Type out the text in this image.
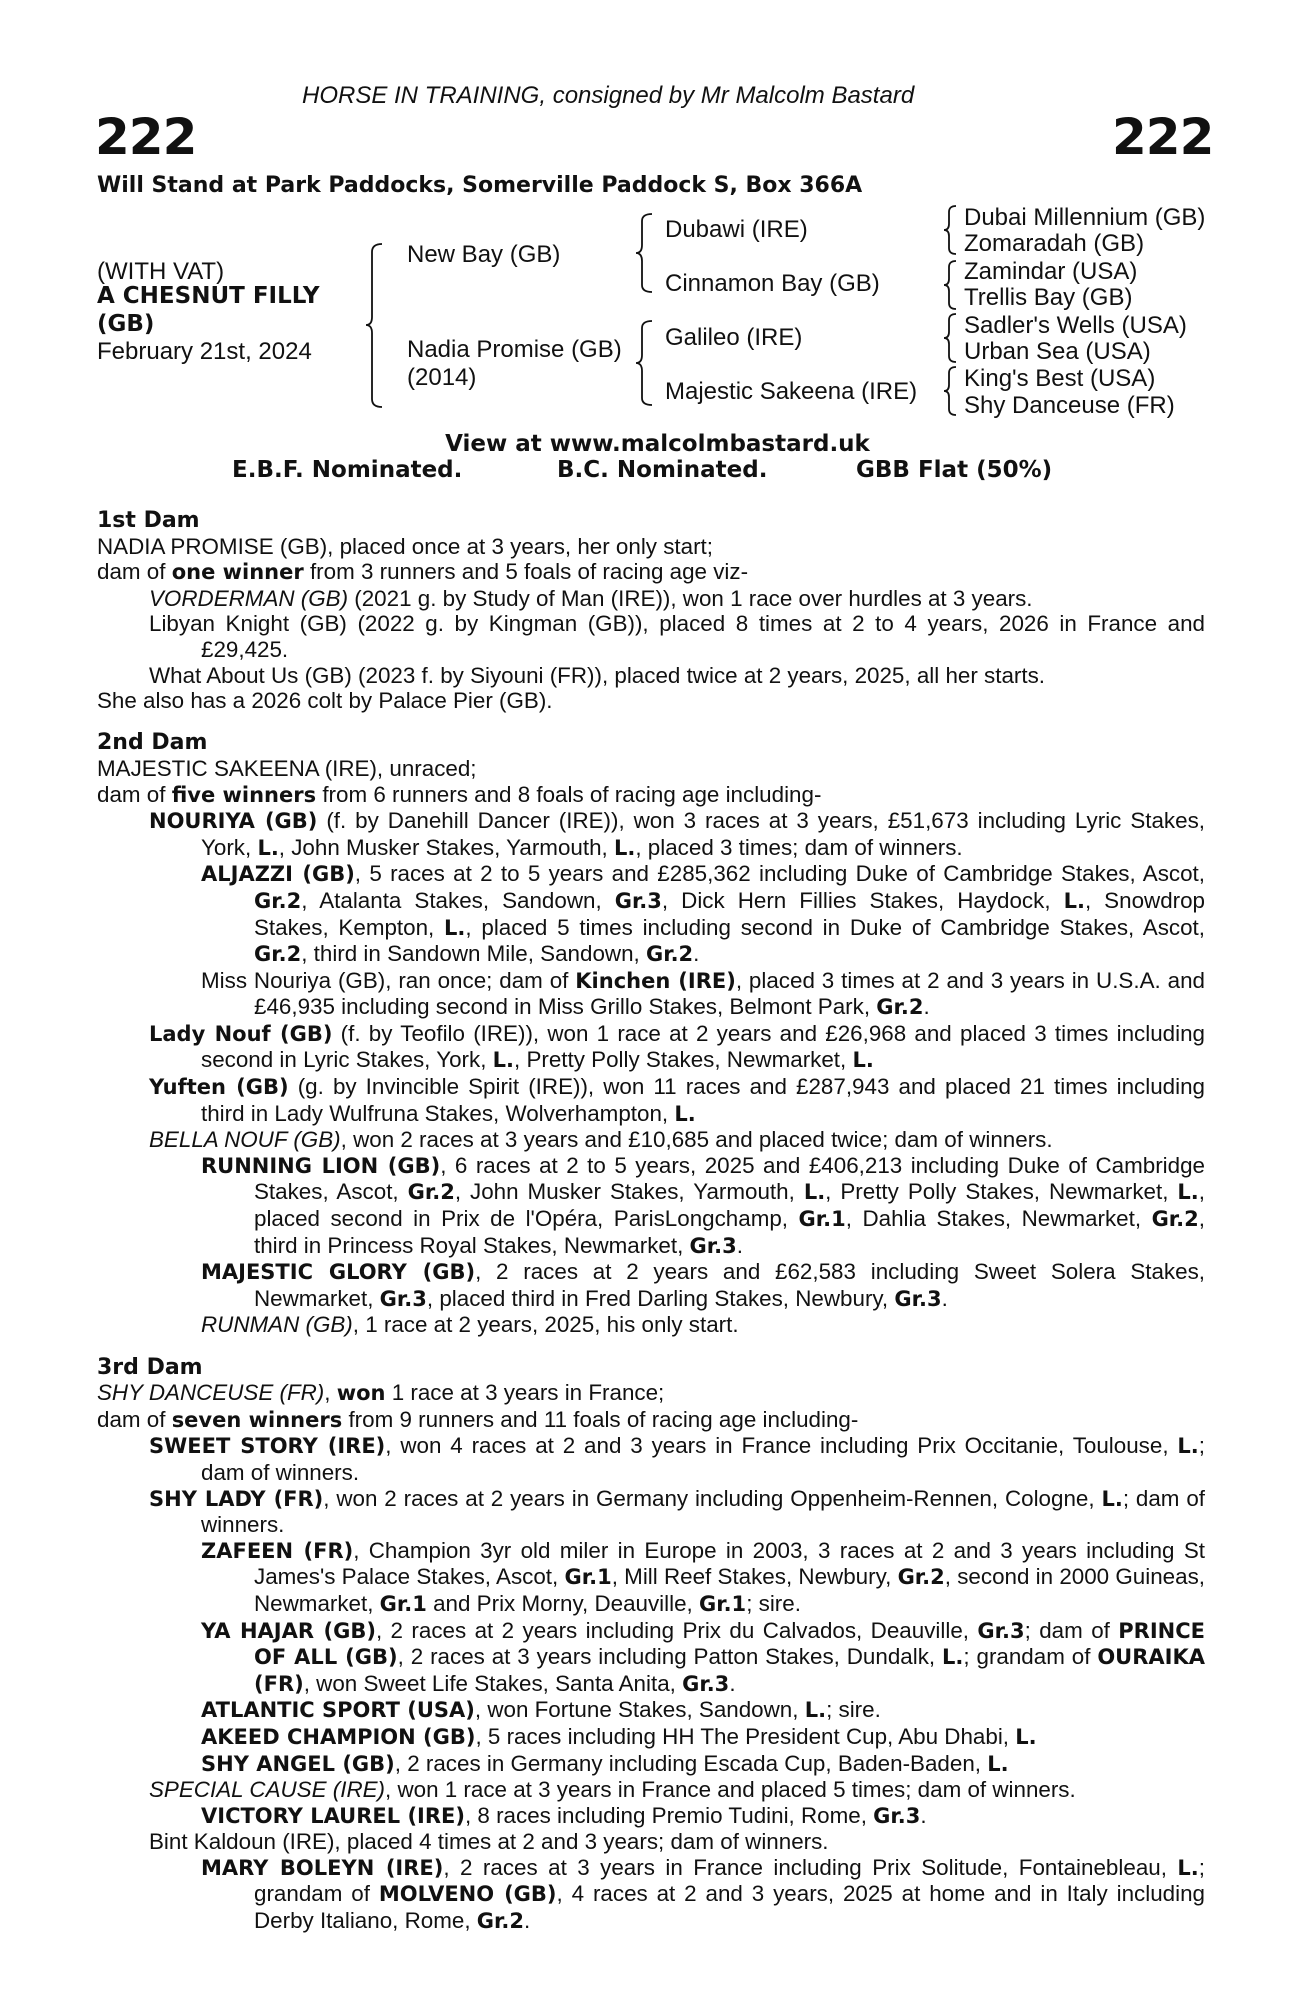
HORSE IN TRAINING, consigned by Mr Malcolm Bastard
222	222
Will Stand at Park Paddocks, Somerville Paddock S, Box 366A
(WITH VAT)
A CHESNUT FILLY
(GB)
February 21st, 2024
New Bay (GB)
Nadia Promise (GB)
(2014)
Dubawi (IRE)
Cinnamon Bay (GB)
Galileo (IRE)
Majestic Sakeena (IRE)
Dubai Millennium (GB)
Zomaradah (GB)
Zamindar (USA)
Trellis Bay (GB)
Sadler's Wells (USA)
Urban Sea (USA)
King's Best (USA)
Shy Danceuse (FR)
View at www.malcolmbastard.uk
E.B.F. Nominated.	B.C. Nominated.	GBB Flat (50%)
1st Dam
NADIA PROMISE (GB), placed once at 3 years, her only start;
dam of one winner from 3 runners and 5 foals of racing age viz-
VORDERMAN (GB) (2021 g. by Study of Man (IRE)), won 1 race over hurdles at 3 years.
Libyan Knight (GB) (2022 g. by Kingman (GB)), placed 8 times at 2 to 4 years, 2026 in France and £29,425.
What About Us (GB) (2023 f. by Siyouni (FR)), placed twice at 2 years, 2025, all her starts.
She also has a 2026 colt by Palace Pier (GB).
2nd Dam
MAJESTIC SAKEENA (IRE), unraced;
dam of five winners from 6 runners and 8 foals of racing age including-
NOURIYA (GB) (f. by Danehill Dancer (IRE)), won 3 races at 3 years, £51,673 including Lyric Stakes, York, L., John Musker Stakes, Yarmouth, L., placed 3 times; dam of winners.
ALJAZZI (GB), 5 races at 2 to 5 years and £285,362 including Duke of Cambridge Stakes, Ascot, Gr.2, Atalanta Stakes, Sandown, Gr.3, Dick Hern Fillies Stakes, Haydock, L., Snowdrop Stakes, Kempton, L., placed 5 times including second in Duke of Cambridge Stakes, Ascot, Gr.2, third in Sandown Mile, Sandown, Gr.2.
Miss Nouriya (GB), ran once; dam of Kinchen (IRE), placed 3 times at 2 and 3 years in U.S.A. and £46,935 including second in Miss Grillo Stakes, Belmont Park, Gr.2.
Lady Nouf (GB) (f. by Teofilo (IRE)), won 1 race at 2 years and £26,968 and placed 3 times including second in Lyric Stakes, York, L., Pretty Polly Stakes, Newmarket, L.
Yuften (GB) (g. by Invincible Spirit (IRE)), won 11 races and £287,943 and placed 21 times including third in Lady Wulfruna Stakes, Wolverhampton, L.
BELLA NOUF (GB), won 2 races at 3 years and £10,685 and placed twice; dam of winners.
RUNNING LION (GB), 6 races at 2 to 5 years, 2025 and £406,213 including Duke of Cambridge Stakes, Ascot, Gr.2, John Musker Stakes, Yarmouth, L., Pretty Polly Stakes, Newmarket, L., placed second in Prix de l'Opéra, ParisLongchamp, Gr.1, Dahlia Stakes, Newmarket, Gr.2, third in Princess Royal Stakes, Newmarket, Gr.3.
MAJESTIC GLORY (GB), 2 races at 2 years and £62,583 including Sweet Solera Stakes, Newmarket, Gr.3, placed third in Fred Darling Stakes, Newbury, Gr.3.
RUNMAN (GB), 1 race at 2 years, 2025, his only start.
3rd Dam
SHY DANCEUSE (FR), won 1 race at 3 years in France;
dam of seven winners from 9 runners and 11 foals of racing age including-
SWEET STORY (IRE), won 4 races at 2 and 3 years in France including Prix Occitanie, Toulouse, L.; dam of winners.
SHY LADY (FR), won 2 races at 2 years in Germany including Oppenheim-Rennen, Cologne, L.; dam of winners.
ZAFEEN (FR), Champion 3yr old miler in Europe in 2003, 3 races at 2 and 3 years including St James's Palace Stakes, Ascot, Gr.1, Mill Reef Stakes, Newbury, Gr.2, second in 2000 Guineas, Newmarket, Gr.1 and Prix Morny, Deauville, Gr.1; sire.
YA HAJAR (GB), 2 races at 2 years including Prix du Calvados, Deauville, Gr.3; dam of PRINCE OF ALL (GB), 2 races at 3 years including Patton Stakes, Dundalk, L.; grandam of OURAIKA (FR), won Sweet Life Stakes, Santa Anita, Gr.3.
ATLANTIC SPORT (USA), won Fortune Stakes, Sandown, L.; sire.
AKEED CHAMPION (GB), 5 races including HH The President Cup, Abu Dhabi, L.
SHY ANGEL (GB), 2 races in Germany including Escada Cup, Baden-Baden, L.
SPECIAL CAUSE (IRE), won 1 race at 3 years in France and placed 5 times; dam of winners.
VICTORY LAUREL (IRE), 8 races including Premio Tudini, Rome, Gr.3.
Bint Kaldoun (IRE), placed 4 times at 2 and 3 years; dam of winners.
MARY BOLEYN (IRE), 2 races at 3 years in France including Prix Solitude, Fontainebleau, L.; grandam of MOLVENO (GB), 4 races at 2 and 3 years, 2025 at home and in Italy including Derby Italiano, Rome, Gr.2.
